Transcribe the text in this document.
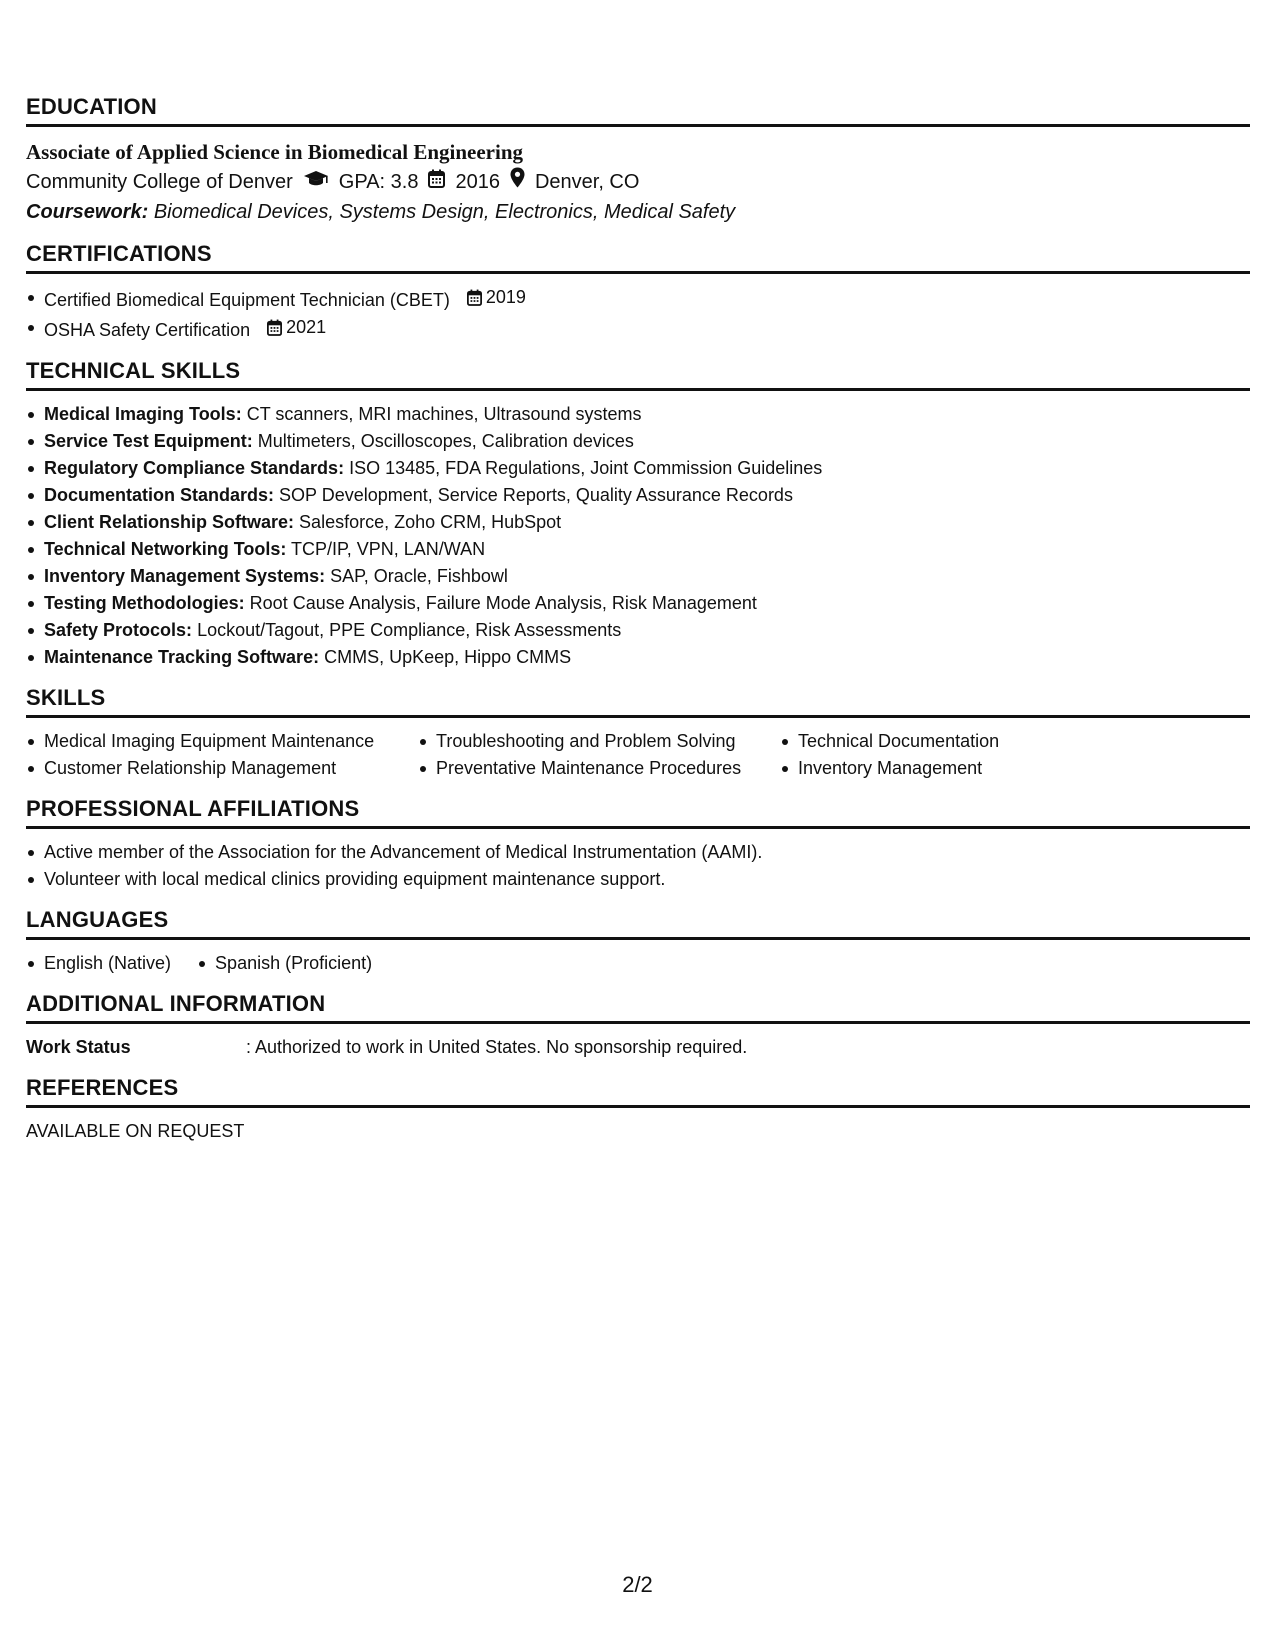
EDUCATION
Associate of Applied Science in Biomedical Engineering
Community College of Denver GPA: 3.8 2016 Denver, CO
Coursework: Biomedical Devices, Systems Design, Electronics, Medical Safety
CERTIFICATIONS
Certified Biomedical Equipment Technician (CBET) 2019
OSHA Safety Certification 2021
TECHNICAL SKILLS
Medical Imaging Tools: CT scanners, MRI machines, Ultrasound systems
Service Test Equipment: Multimeters, Oscilloscopes, Calibration devices
Regulatory Compliance Standards: ISO 13485, FDA Regulations, Joint Commission Guidelines
Documentation Standards: SOP Development, Service Reports, Quality Assurance Records
Client Relationship Software: Salesforce, Zoho CRM, HubSpot
Technical Networking Tools: TCP/IP, VPN, LAN/WAN
Inventory Management Systems: SAP, Oracle, Fishbowl
Testing Methodologies: Root Cause Analysis, Failure Mode Analysis, Risk Management
Safety Protocols: Lockout/Tagout, PPE Compliance, Risk Assessments
Maintenance Tracking Software: CMMS, UpKeep, Hippo CMMS
SKILLS
Medical Imaging Equipment Maintenance	Troubleshooting and Problem Solving	Technical Documentation
Customer Relationship Management	Preventative Maintenance Procedures	Inventory Management
PROFESSIONAL AFFILIATIONS
Active member of the Association for the Advancement of Medical Instrumentation (AAMI).
Volunteer with local medical clinics providing equipment maintenance support.
LANGUAGES
English (Native) Spanish (Proficient)
ADDITIONAL INFORMATION
Work Status	: Authorized to work in United States. No sponsorship required.
REFERENCES
AVAILABLE ON REQUEST
2/2
